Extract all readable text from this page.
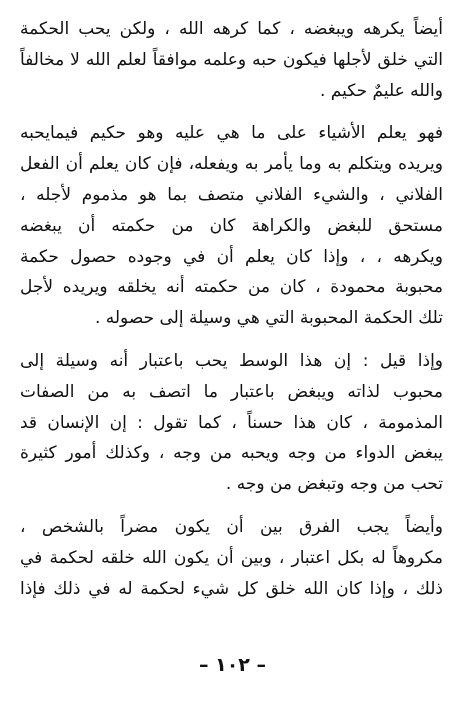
أيضاً يكرهه ويبغضه ، كما كرهه الله ، ولكن يحب الحكمة
التي خلق لأجلها فيكون حبه وعلمه موافقاً لعلم الله لا مخالفاً
والله عليمٌ حكيم .
فهو يعلم الأشياء على ما هي عليه وهو حكيم فيمايحبه
ويريده ويتكلم به وما يأمر به ويفعله، فإن كان يعلم أن الفعل
الفلاني ، والشيء الفلاني متصف بما هو مذموم لأجله ،
مستحق للبغض والكراهة كان من حكمته أن يبغضه
ويكرهه ، ، وإذا كان يعلم أن في وجوده حصول حكمة
محبوبة محمودة ، كان من حكمته أنه يخلقه ويريده لأجل
تلك الحكمة المحبوبة التي هي وسيلة إلى حصوله .
وإذا قيل : إن هذا الوسط يحب باعتبار أنه وسيلة إلى
محبوب لذاته ويبغض باعتبار ما اتصف به من الصفات
المذمومة ، كان هذا حسناً ، كما تقول : إن الإنسان قد
يبغض الدواء من وجه ويحبه من وجه ، وكذلك أمور كثيرة
تحب من وجه وتبغض من وجه .
وأيضاً يجب الفرق بين أن يكون مضراً بالشخص ،
مكروهاً له بكل اعتبار ، وبين أن يكون الله خلقه لحكمة في
ذلك ، وإذا كان الله خلق كل شيء لحكمة له في ذلك فإذا
– ١٠٢ –
